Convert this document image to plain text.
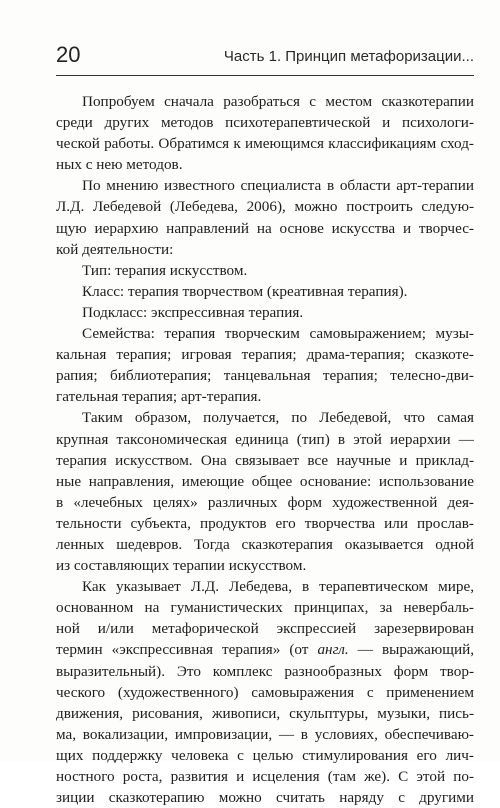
20	Часть 1. Принцип метафоризации...
Попробуем сначала разобраться с местом сказкотерапии
среди других методов психотерапевтической и психологи-
ческой работы. Обратимся к имеющимся классификациям сход-
ных с нею методов.
По мнению известного специалиста в области арт-терапии
Л.Д. Лебедевой (Лебедева, 2006), можно построить следую-
щую иерархию направлений на основе искусства и творчес-
кой деятельности:
Тип: терапия искусством.
Класс: терапия творчеством (креативная терапия).
Подкласс: экспрессивная терапия.
Семейства: терапия творческим самовыражением; музы-
кальная терапия; игровая терапия; драма-терапия; сказкоте-
рапия; библиотерапия; танцевальная терапия; телесно-дви-
гательная терапия; арт-терапия.
Таким образом, получается, по Лебедевой, что самая
крупная таксономическая единица (тип) в этой иерархии —
терапия искусством. Она связывает все научные и приклад-
ные направления, имеющие общее основание: использование
в «лечебных целях» различных форм художественной дея-
тельности субъекта, продуктов его творчества или прослав-
ленных шедевров. Тогда сказкотерапия оказывается одной
из составляющих терапии искусством.
Как указывает Л.Д. Лебедева, в терапевтическом мире,
основанном на гуманистических принципах, за невербаль-
ной и/или метафорической экспрессией зарезервирован
термин «экспрессивная терапия» (от англ. — выражающий,
выразительный). Это комплекс разнообразных форм твор-
ческого (художественного) самовыражения с применением
движения, рисования, живописи, скульптуры, музыки, пись-
ма, вокализации, импровизации, — в условиях, обеспечиваю-
щих поддержку человека с целью стимулирования его лич-
ностного роста, развития и исцеления (там же). С этой по-
зиции сказкотерапию можно считать наряду с другими
